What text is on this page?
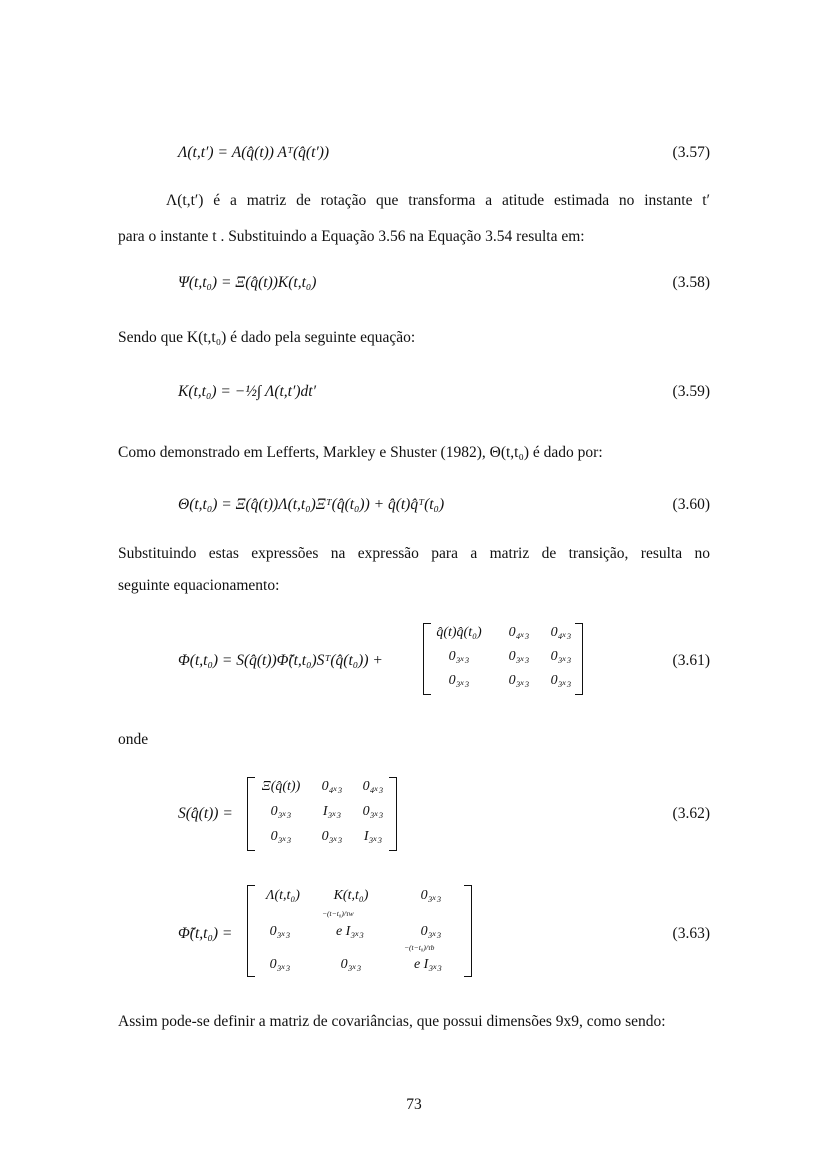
Λ(t,t′) = A(q̂(t)) Aᵀ(q̂(t′))	(3.57)
Λ(t,t′) é a matriz de rotação que transforma a atitude estimada no instante t′
para o instante t . Substituindo a Equação 3.56 na Equação 3.54 resulta em:
Ψ(t,t₀) = Ξ(q̂(t))K(t,t₀)	(3.58)
Sendo que K(t,t₀) é dado pela seguinte equação:
K(t,t₀) = −½∫ Λ(t,t′)dt′	(3.59)
Como demonstrado em Lefferts, Markley e Shuster (1982), Θ(t,t₀) é dado por:
Θ(t,t₀) = Ξ(q̂(t))Λ(t,t₀)Ξᵀ(q̂(t₀)) + q̂(t)q̂ᵀ(t₀)	(3.60)
Substituindo estas expressões na expressão para a matriz de transição, resulta no
seguinte equacionamento:
Φ(t,t₀) = S(q̂(t))Φ̃(t,t₀)Sᵀ(q̂(t₀)) +
q̂(t)q̂(t₀)	0₄ₓ₃	0₄ₓ₃
0₃ₓ₃	0₃ₓ₃	0₃ₓ₃
0₃ₓ₃	0₃ₓ₃	0₃ₓ₃
(3.61)
onde
S(q̂(t)) =
Ξ(q̂(t))	0₄ₓ₃	0₄ₓ₃
0₃ₓ₃	I₃ₓ₃	0₃ₓ₃
0₃ₓ₃	0₃ₓ₃	I₃ₓ₃
(3.62)
Φ̃(t,t₀) =
Λ(t,t₀)	K(t,t₀)	0₃ₓ₃
0₃ₓ₃	e I₃ₓ₃	0₃ₓ₃
0₃ₓ₃	0₃ₓ₃	e I₃ₓ₃
−(t−t₀)/τw
−(t−t₀)/τb
(3.63)
Assim pode-se definir a matriz de covariâncias, que possui dimensões 9x9, como sendo:
73
